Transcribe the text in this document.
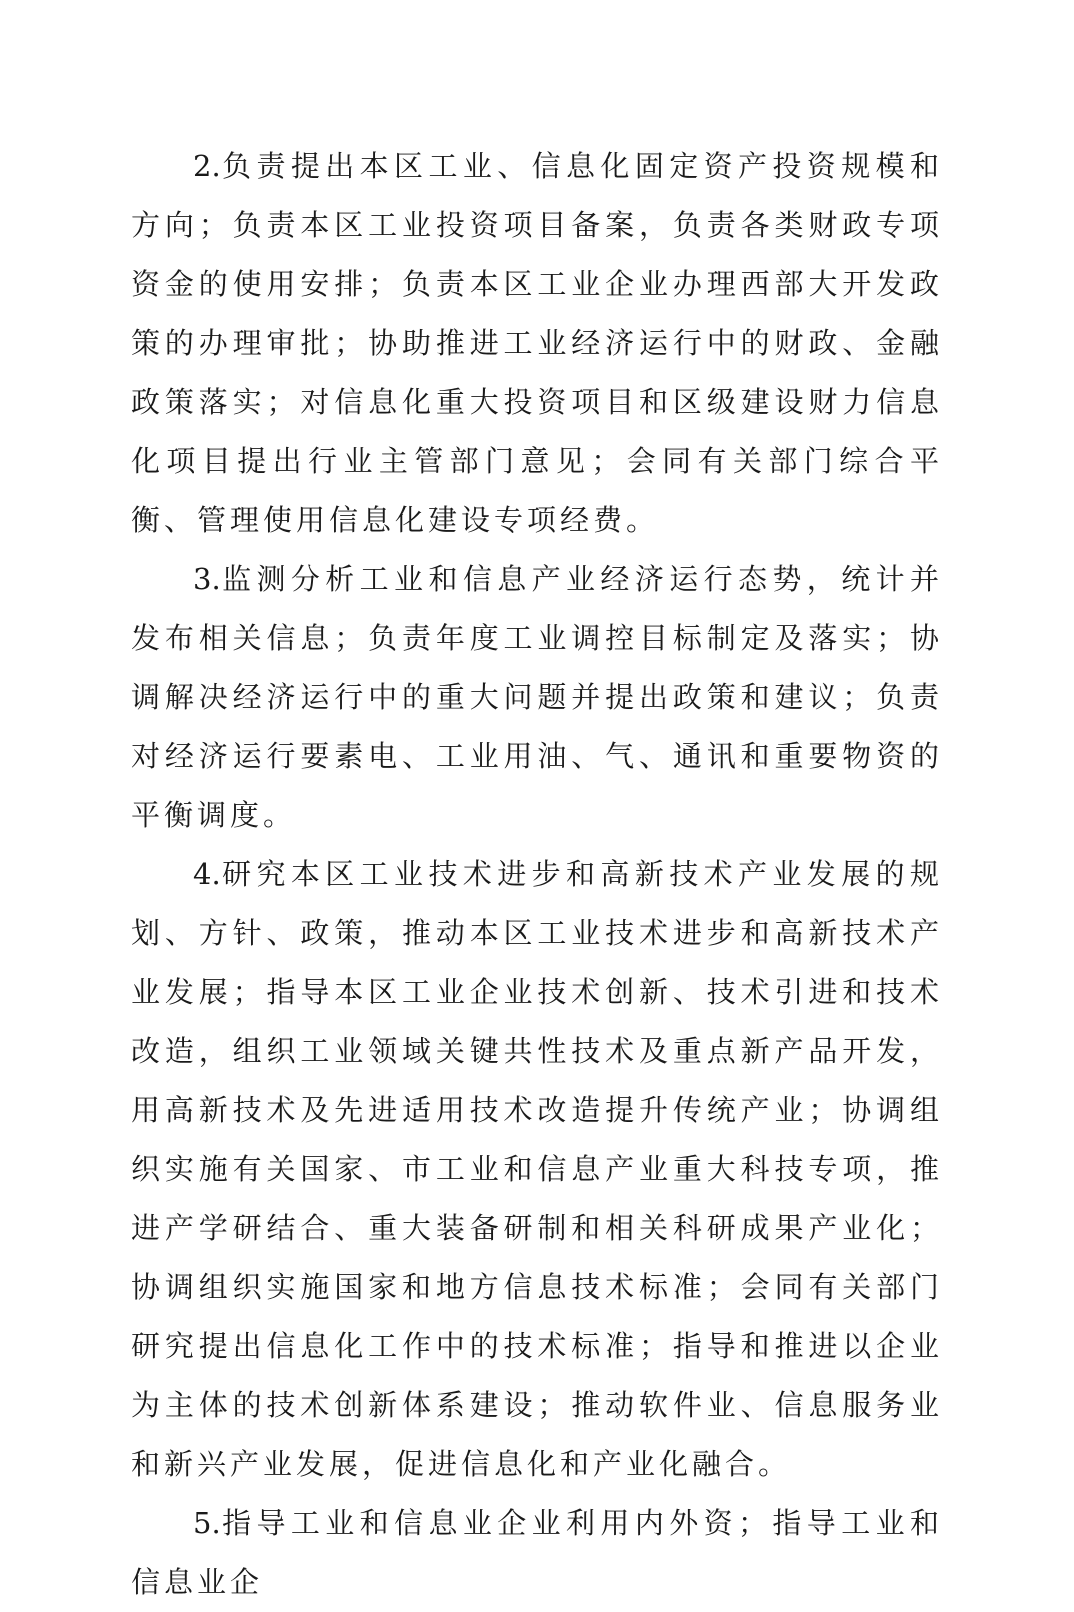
2.负责提出本区工业、信息化固定资产投资规模和方向；负责本区工业投资项目备案，负责各类财政专项资金的使用安排；负责本区工业企业办理西部大开发政策的办理审批；协助推进工业经济运行中的财政、金融政策落实；对信息化重大投资项目和区级建设财力信息化项目提出行业主管部门意见；会同有关部门综合平衡、管理使用信息化建设专项经费。

3.监测分析工业和信息产业经济运行态势，统计并发布相关信息；负责年度工业调控目标制定及落实；协调解决经济运行中的重大问题并提出政策和建议；负责对经济运行要素电、工业用油、气、通讯和重要物资的平衡调度。

4.研究本区工业技术进步和高新技术产业发展的规划、方针、政策，推动本区工业技术进步和高新技术产业发展；指导本区工业企业技术创新、技术引进和技术改造，组织工业领域关键共性技术及重点新产品开发，用高新技术及先进适用技术改造提升传统产业；协调组织实施有关国家、市工业和信息产业重大科技专项，推进产学研结合、重大装备研制和相关科研成果产业化；协调组织实施国家和地方信息技术标准；会同有关部门研究提出信息化工作中的技术标准；指导和推进以企业为主体的技术创新体系建设；推动软件业、信息服务业和新兴产业发展，促进信息化和产业化融合。

5.指导工业和信息业企业利用内外资；指导工业和信息业企
